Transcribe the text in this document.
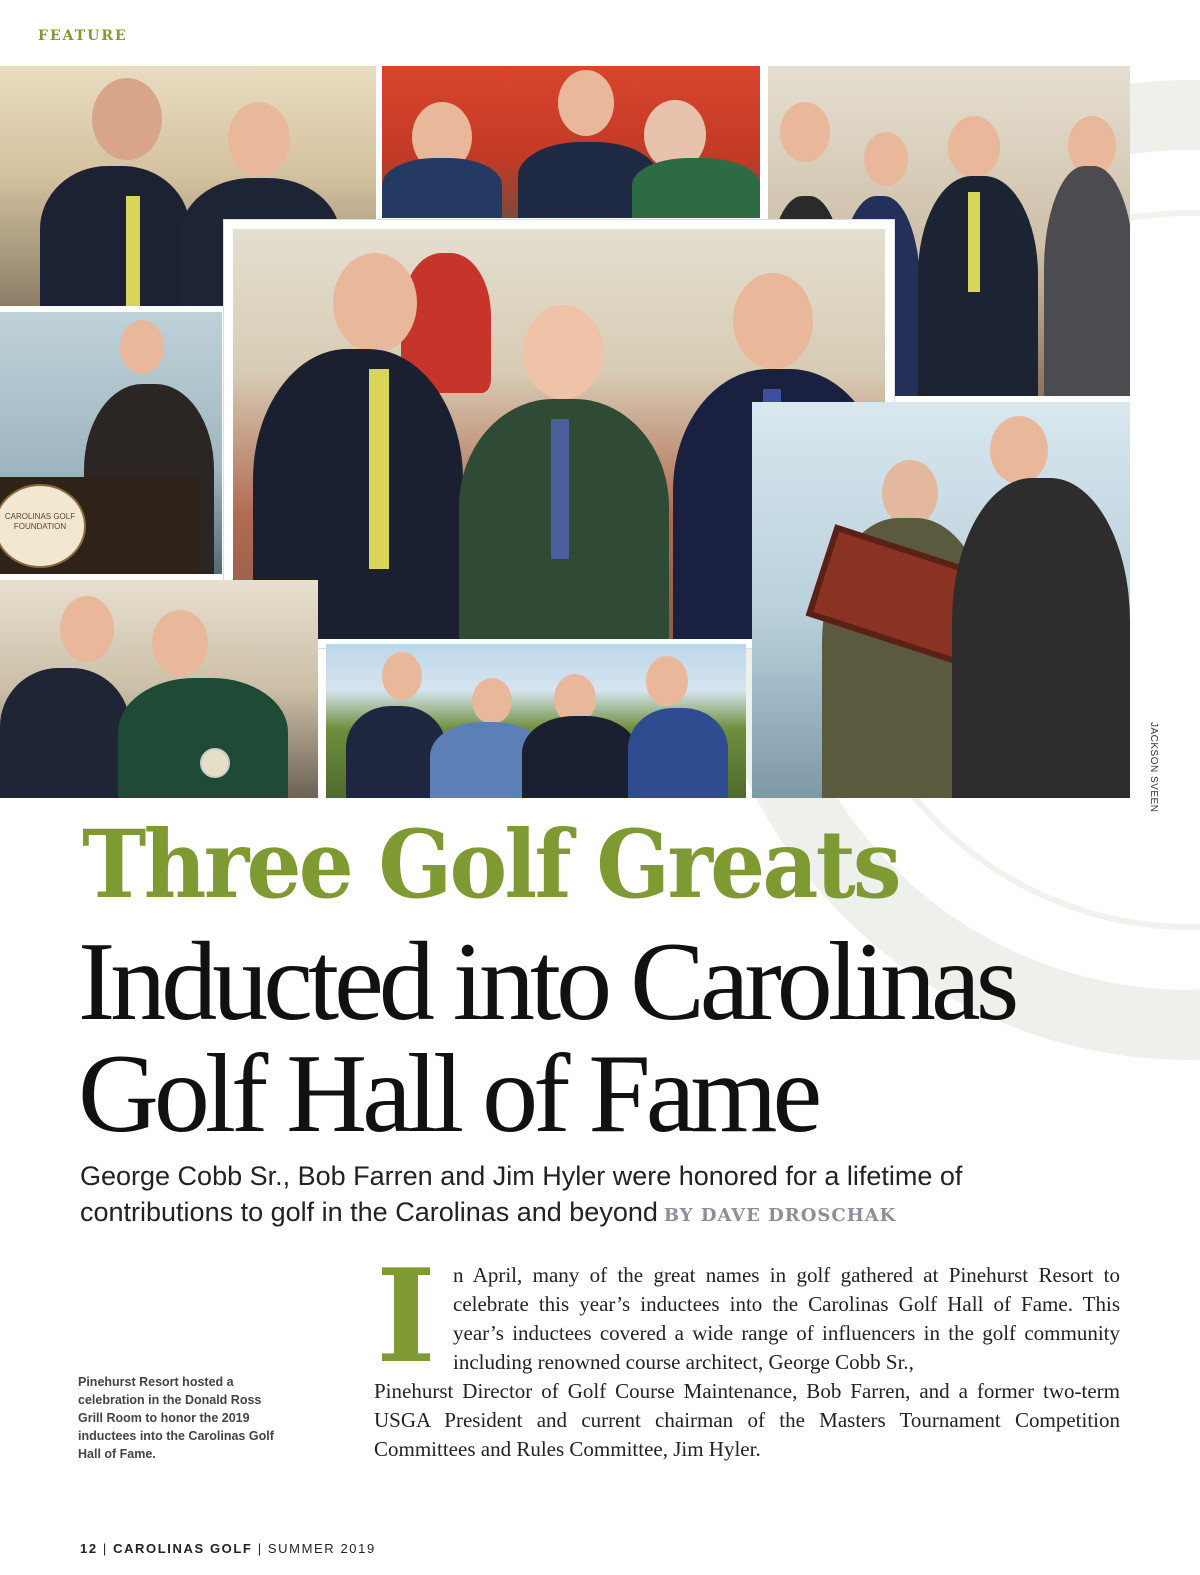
FEATURE
CAROLINAS GOLF FOUNDATION
JACKSON SVEEN
Three Golf Greats
Inducted into Carolinas Golf Hall of Fame
George Cobb Sr., Bob Farren and Jim Hyler were honored for a lifetime of contributions to golf in the Carolinas and beyond BY DAVE DROSCHAK
I n April, many of the great names in golf gathered at Pinehurst Resort to celebrate this year’s inductees into the Carolinas Golf Hall of Fame. This year’s inductees covered a wide range of influencers in the golf community including renowned course architect, George Cobb Sr.,
Pinehurst Director of Golf Course Maintenance, Bob Farren, and a former two-term USGA President and current chairman of the Masters Tournament Competition Committees and Rules Committee, Jim Hyler.
Pinehurst Resort hosted a celebration in the Donald Ross Grill Room to honor the 2019 inductees into the Carolinas Golf Hall of Fame.
12 | CAROLINAS GOLF | SUMMER 2019
